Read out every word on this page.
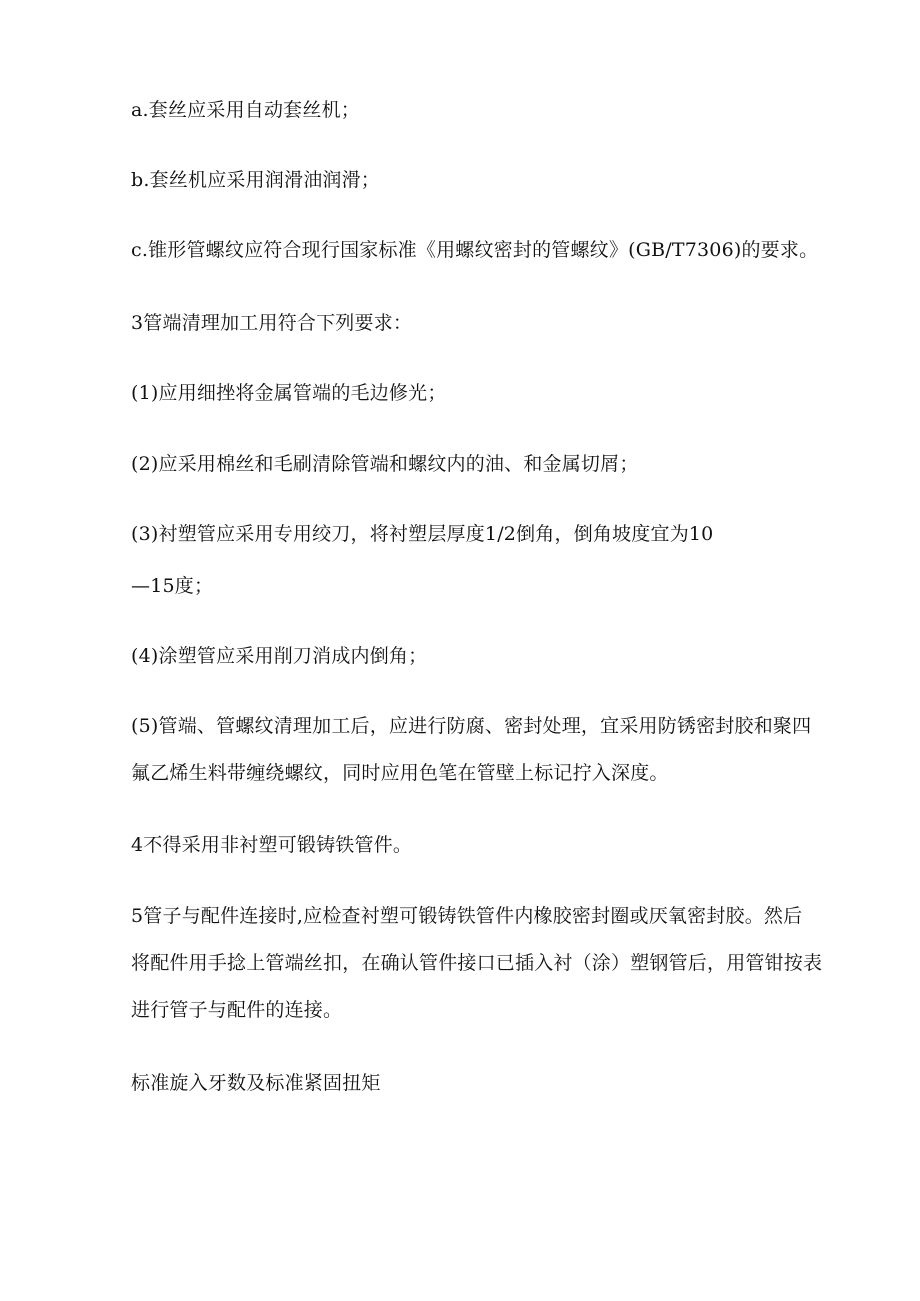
a.套丝应采用自动套丝机；
b.套丝机应采用润滑油润滑；
c.锥形管螺纹应符合现行国家标准《用螺纹密封的管螺纹》(GB/T7306)的要求。
3管端清理加工用符合下列要求：
(1)应用细挫将金属管端的毛边修光；
(2)应采用棉丝和毛刷清除管端和螺纹内的油、和金属切屑；
(3)衬塑管应采用专用绞刀，将衬塑层厚度1/2倒角，倒角坡度宜为10
—15度；
(4)涂塑管应采用削刀消成内倒角；
(5)管端、管螺纹清理加工后，应进行防腐、密封处理，宜采用防锈密封胶和聚四
氟乙烯生料带缠绕螺纹，同时应用色笔在管壁上标记拧入深度。
4不得采用非衬塑可锻铸铁管件。
5管子与配件连接时,应检查衬塑可锻铸铁管件内橡胶密封圈或厌氧密封胶。然后
将配件用手捻上管端丝扣，在确认管件接口已插入衬（涂）塑钢管后，用管钳按表
进行管子与配件的连接。
标准旋入牙数及标准紧固扭矩
